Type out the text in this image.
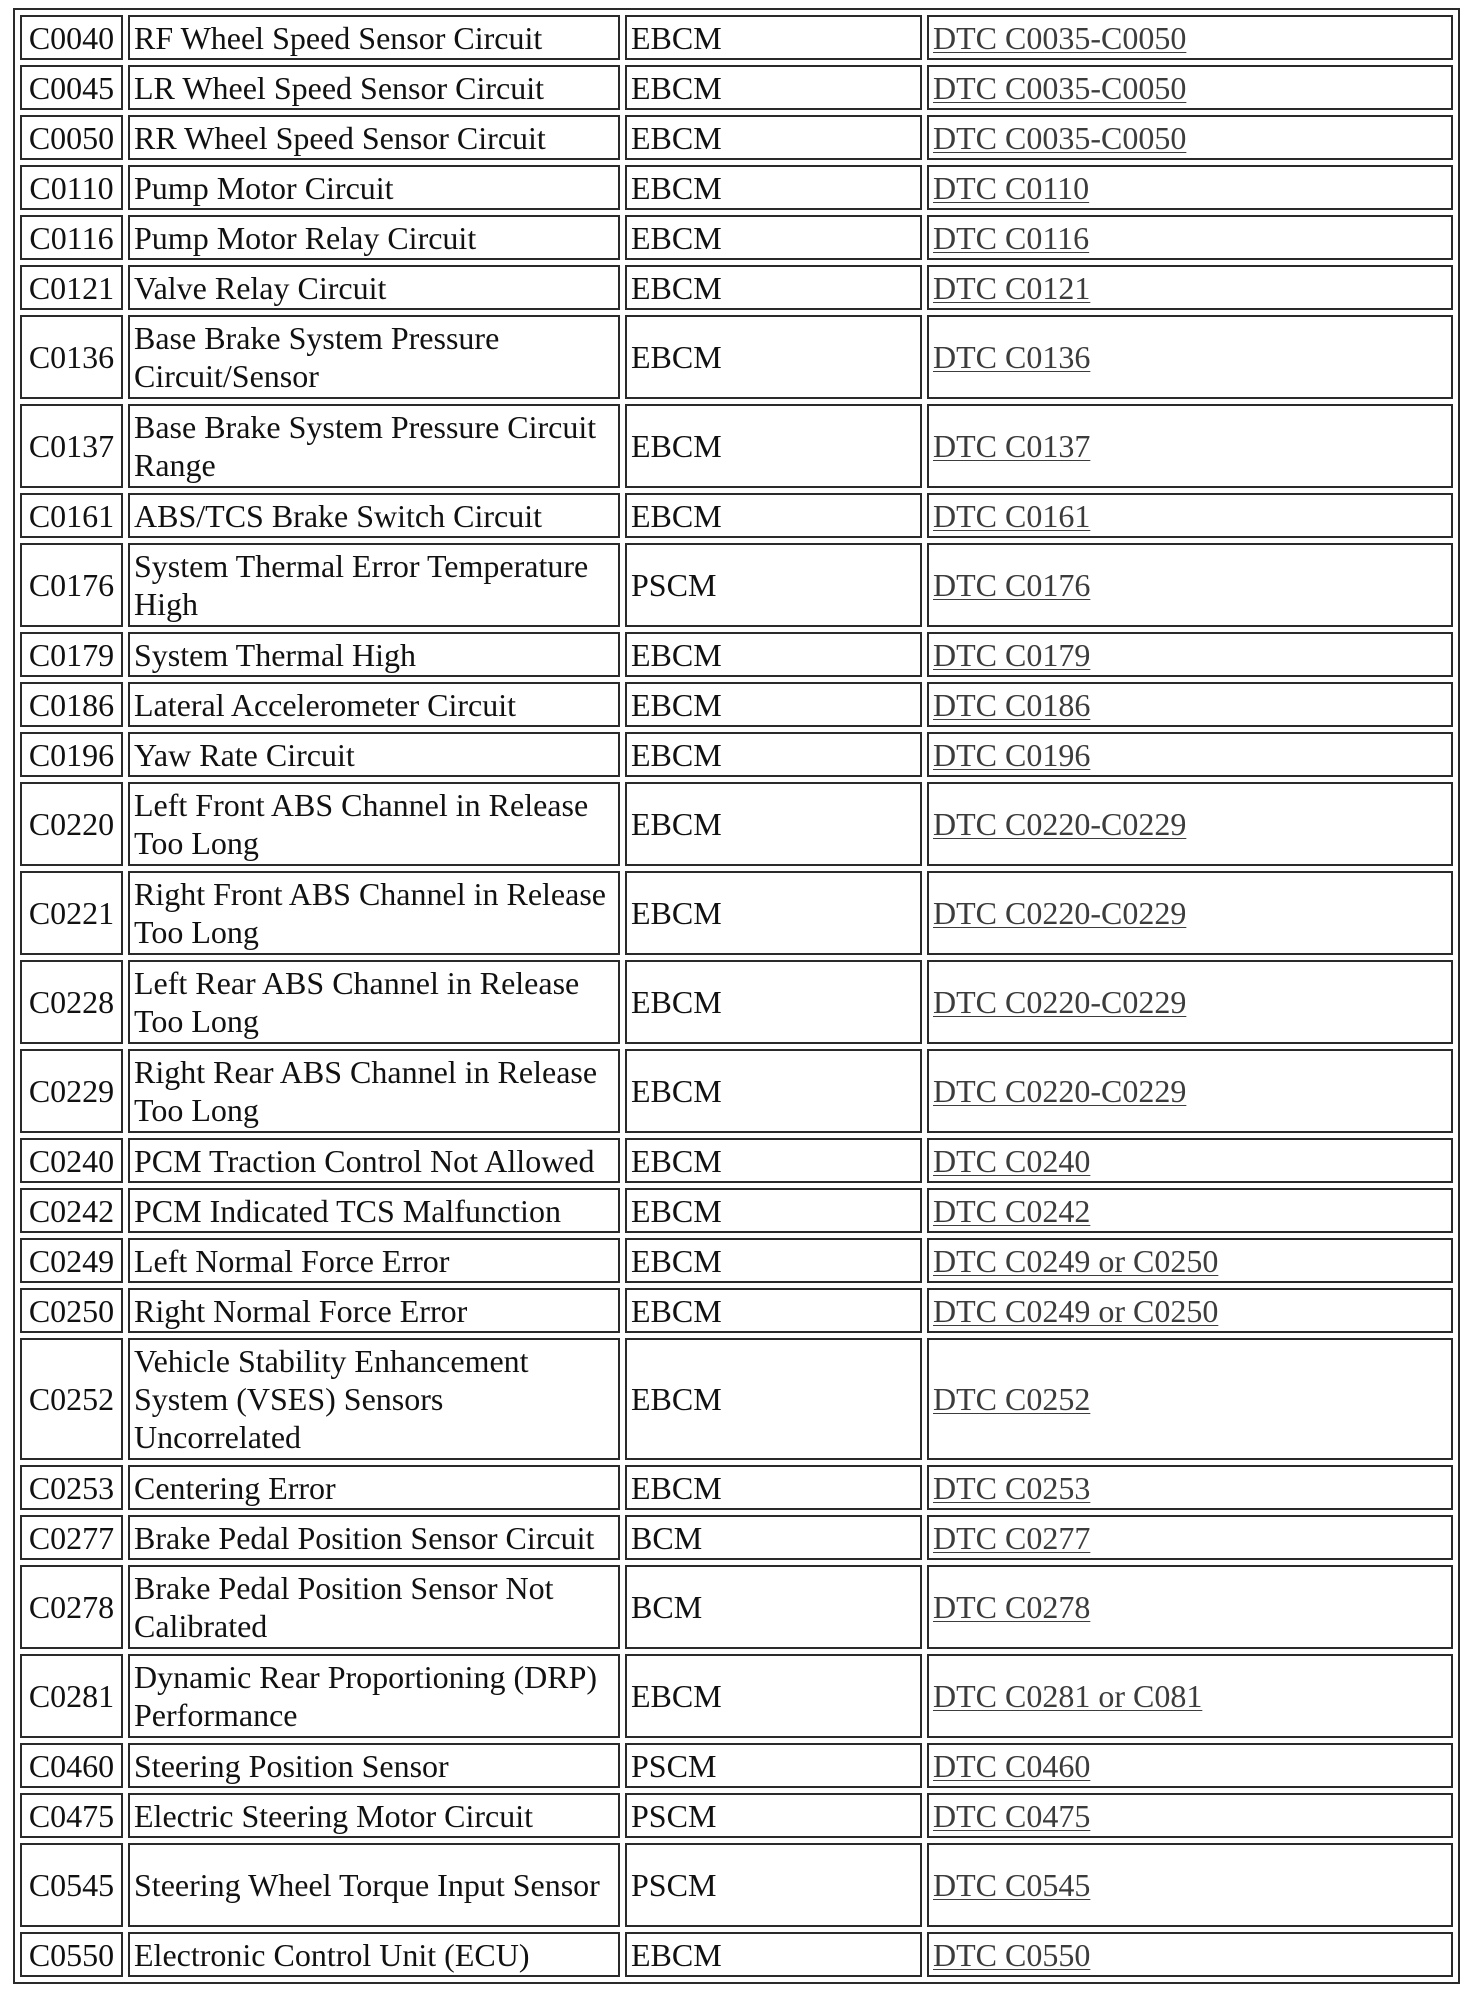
C0040	RF Wheel Speed Sensor Circuit	EBCM	DTC C0035-C0050
C0045	LR Wheel Speed Sensor Circuit	EBCM	DTC C0035-C0050
C0050	RR Wheel Speed Sensor Circuit	EBCM	DTC C0035-C0050
C0110	Pump Motor Circuit	EBCM	DTC C0110
C0116	Pump Motor Relay Circuit	EBCM	DTC C0116
C0121	Valve Relay Circuit	EBCM	DTC C0121
C0136	Base Brake System Pressure Circuit/Sensor	EBCM	DTC C0136
C0137	Base Brake System Pressure Circuit Range	EBCM	DTC C0137
C0161	ABS/TCS Brake Switch Circuit	EBCM	DTC C0161
C0176	System Thermal Error Temperature High	PSCM	DTC C0176
C0179	System Thermal High	EBCM	DTC C0179
C0186	Lateral Accelerometer Circuit	EBCM	DTC C0186
C0196	Yaw Rate Circuit	EBCM	DTC C0196
C0220	Left Front ABS Channel in Release Too Long	EBCM	DTC C0220-C0229
C0221	Right Front ABS Channel in Release Too Long	EBCM	DTC C0220-C0229
C0228	Left Rear ABS Channel in Release Too Long	EBCM	DTC C0220-C0229
C0229	Right Rear ABS Channel in Release Too Long	EBCM	DTC C0220-C0229
C0240	PCM Traction Control Not Allowed	EBCM	DTC C0240
C0242	PCM Indicated TCS Malfunction	EBCM	DTC C0242
C0249	Left Normal Force Error	EBCM	DTC C0249 or C0250
C0250	Right Normal Force Error	EBCM	DTC C0249 or C0250
C0252	Vehicle Stability Enhancement System (VSES) Sensors Uncorrelated	EBCM	DTC C0252
C0253	Centering Error	EBCM	DTC C0253
C0277	Brake Pedal Position Sensor Circuit	BCM	DTC C0277
C0278	Brake Pedal Position Sensor Not Calibrated	BCM	DTC C0278
C0281	Dynamic Rear Proportioning (DRP) Performance	EBCM	DTC C0281 or C081
C0460	Steering Position Sensor	PSCM	DTC C0460
C0475	Electric Steering Motor Circuit	PSCM	DTC C0475
C0545	Steering Wheel Torque Input Sensor	PSCM	DTC C0545
C0550	Electronic Control Unit (ECU)	EBCM	DTC C0550
